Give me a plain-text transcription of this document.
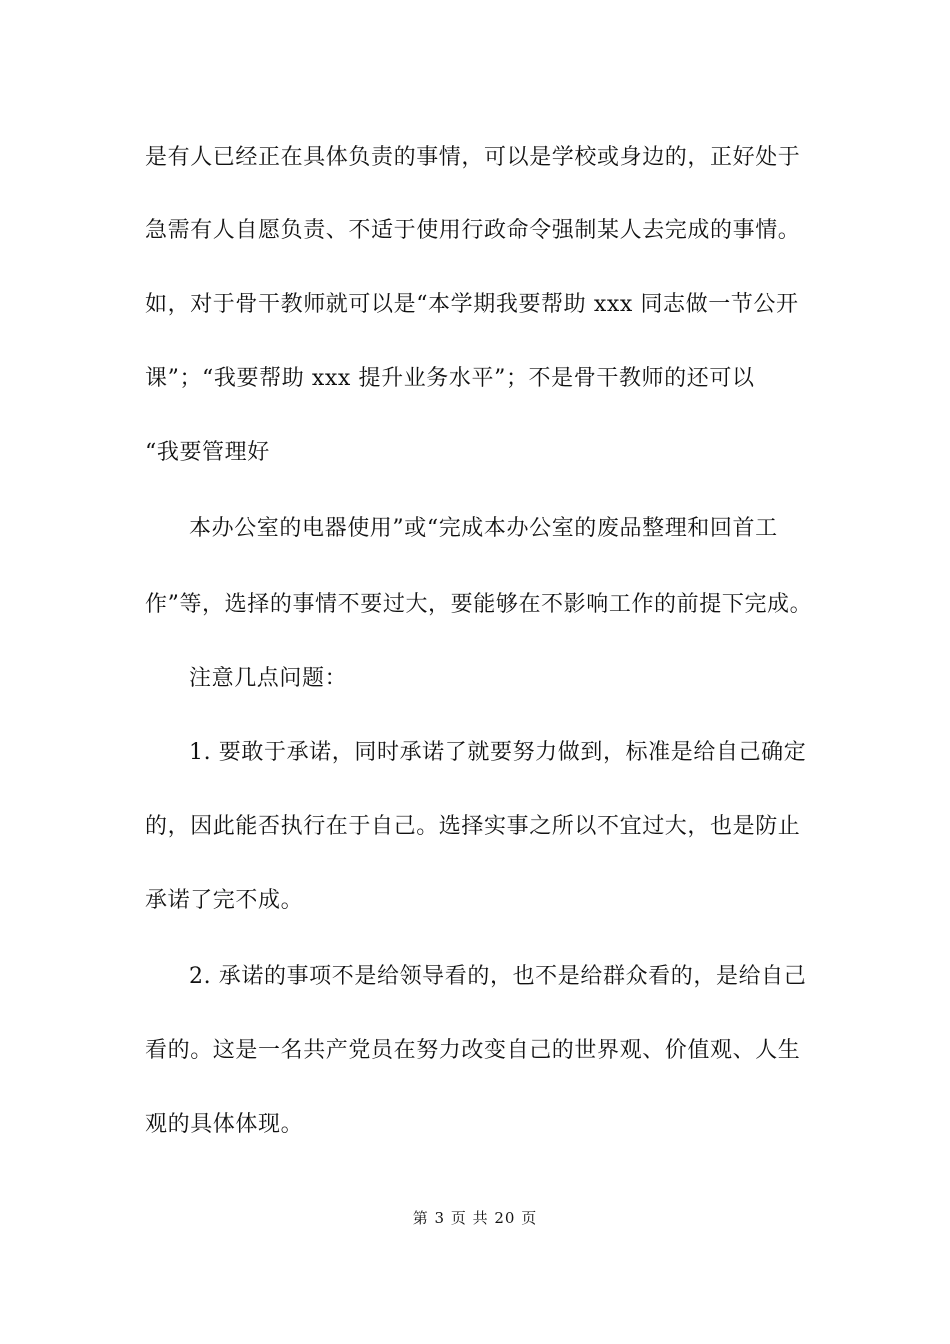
是有人已经正在具体负责的事情，可以是学校或身边的，正好处于
急需有人自愿负责、不适于使用行政命令强制某人去完成的事情。
如，对于骨干教师就可以是“本学期我要帮助 xxx 同志做一节公开
课”；“我要帮助 xxx 提升业务水平”；不是骨干教师的还可以
“我要管理好
本办公室的电器使用”或“完成本办公室的废品整理和回首工
作”等，选择的事情不要过大，要能够在不影响工作的前提下完成。
注意几点问题：
1. 要敢于承诺，同时承诺了就要努力做到，标准是给自己确定
的，因此能否执行在于自己。选择实事之所以不宜过大，也是防止
承诺了完不成。
2. 承诺的事项不是给领导看的，也不是给群众看的，是给自己
看的。这是一名共产党员在努力改变自己的世界观、价值观、人生
观的具体体现。
第 3 页 共 20 页
